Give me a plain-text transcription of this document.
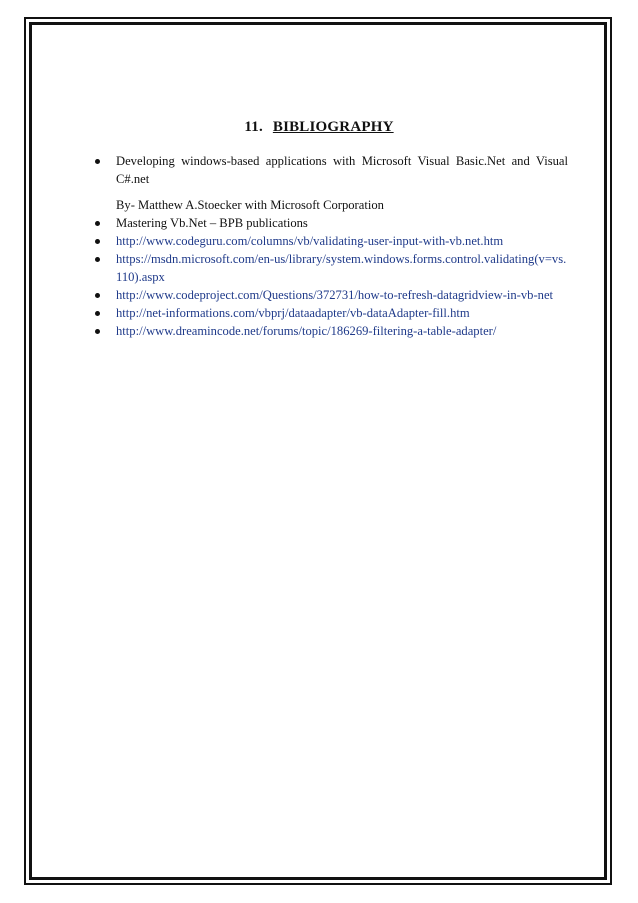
11. BIBLIOGRAPHY
Developing windows-based applications with Microsoft Visual Basic.Net and Visual C#.net
By- Matthew A.Stoecker with Microsoft Corporation
Mastering Vb.Net – BPB publications
http://www.codeguru.com/columns/vb/validating-user-input-with-vb.net.htm
https://msdn.microsoft.com/en-us/library/system.windows.forms.control.validating(v=vs.110).aspx
http://www.codeproject.com/Questions/372731/how-to-refresh-datagridview-in-vb-net
http://net-informations.com/vbprj/dataadapter/vb-dataAdapter-fill.htm
http://www.dreamincode.net/forums/topic/186269-filtering-a-table-adapter/
